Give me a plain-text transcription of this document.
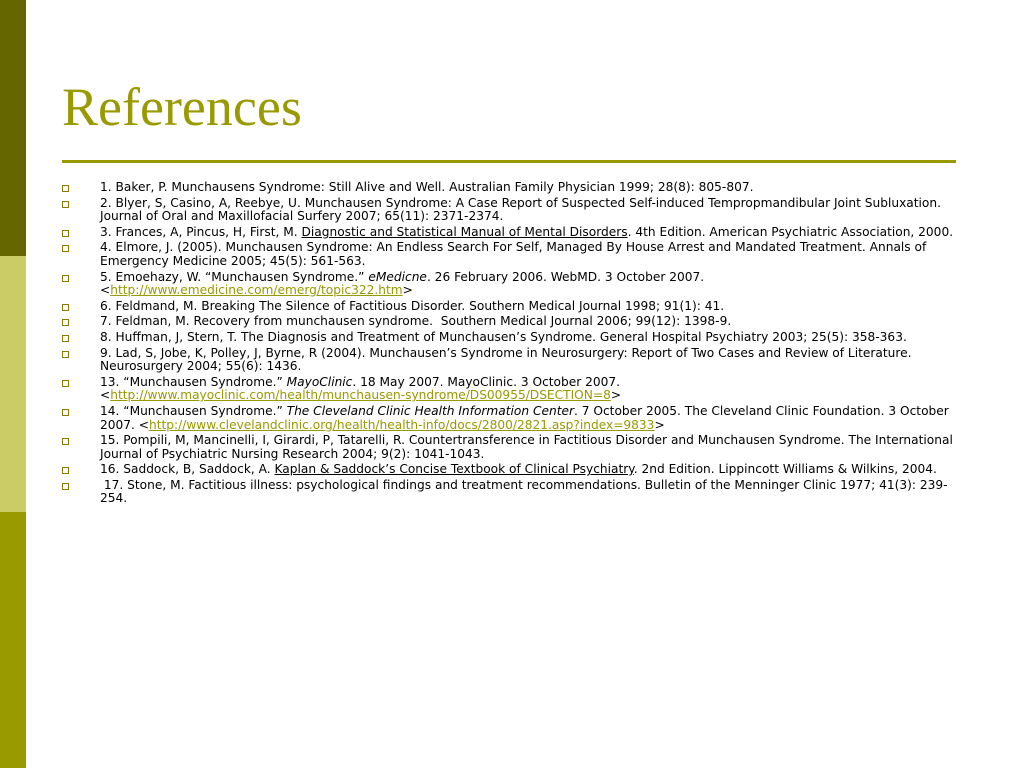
References
1. Baker, P. Munchausens Syndrome: Still Alive and Well. Australian Family Physician 1999; 28(8): 805-807.
2. Blyer, S, Casino, A, Reebye, U. Munchausen Syndrome: A Case Report of Suspected Self-induced Tempropmandibular Joint Subluxation. Journal of Oral and Maxillofacial Surfery 2007; 65(11): 2371-2374.
3. Frances, A, Pincus, H, First, M. Diagnostic and Statistical Manual of Mental Disorders. 4th Edition. American Psychiatric Association, 2000.
4. Elmore, J. (2005). Munchausen Syndrome: An Endless Search For Self, Managed By House Arrest and Mandated Treatment. Annals of Emergency Medicine 2005; 45(5): 561-563.
5. Emoehazy, W. “Munchausen Syndrome.” eMedicne. 26 February 2006. WebMD. 3 October 2007.
<http://www.emedicine.com/emerg/topic322.htm>
6. Feldmand, M. Breaking The Silence of Factitious Disorder. Southern Medical Journal 1998; 91(1): 41.
7. Feldman, M. Recovery from munchausen syndrome.  Southern Medical Journal 2006; 99(12): 1398-9.
8. Huffman, J, Stern, T. The Diagnosis and Treatment of Munchausen’s Syndrome. General Hospital Psychiatry 2003; 25(5): 358-363.
9. Lad, S, Jobe, K, Polley, J, Byrne, R (2004). Munchausen’s Syndrome in Neurosurgery: Report of Two Cases and Review of Literature. Neurosurgery 2004; 55(6): 1436.
13. “Munchausen Syndrome.” MayoClinic. 18 May 2007. MayoClinic. 3 October 2007.
<http://www.mayoclinic.com/health/munchausen-syndrome/DS00955/DSECTION=8>
14. “Munchausen Syndrome.” The Cleveland Clinic Health Information Center. 7 October 2005. The Cleveland Clinic Foundation. 3 October 2007. <http://www.clevelandclinic.org/health/health-info/docs/2800/2821.asp?index=9833>
15. Pompili, M, Mancinelli, I, Girardi, P, Tatarelli, R. Countertransference in Factitious Disorder and Munchausen Syndrome. The International Journal of Psychiatric Nursing Research 2004; 9(2): 1041-1043.
16. Saddock, B, Saddock, A. Kaplan & Saddock’s Concise Textbook of Clinical Psychiatry. 2nd Edition. Lippincott Williams & Wilkins, 2004.
17. Stone, M. Factitious illness: psychological findings and treatment recommendations. Bulletin of the Menninger Clinic 1977; 41(3): 239-254.
